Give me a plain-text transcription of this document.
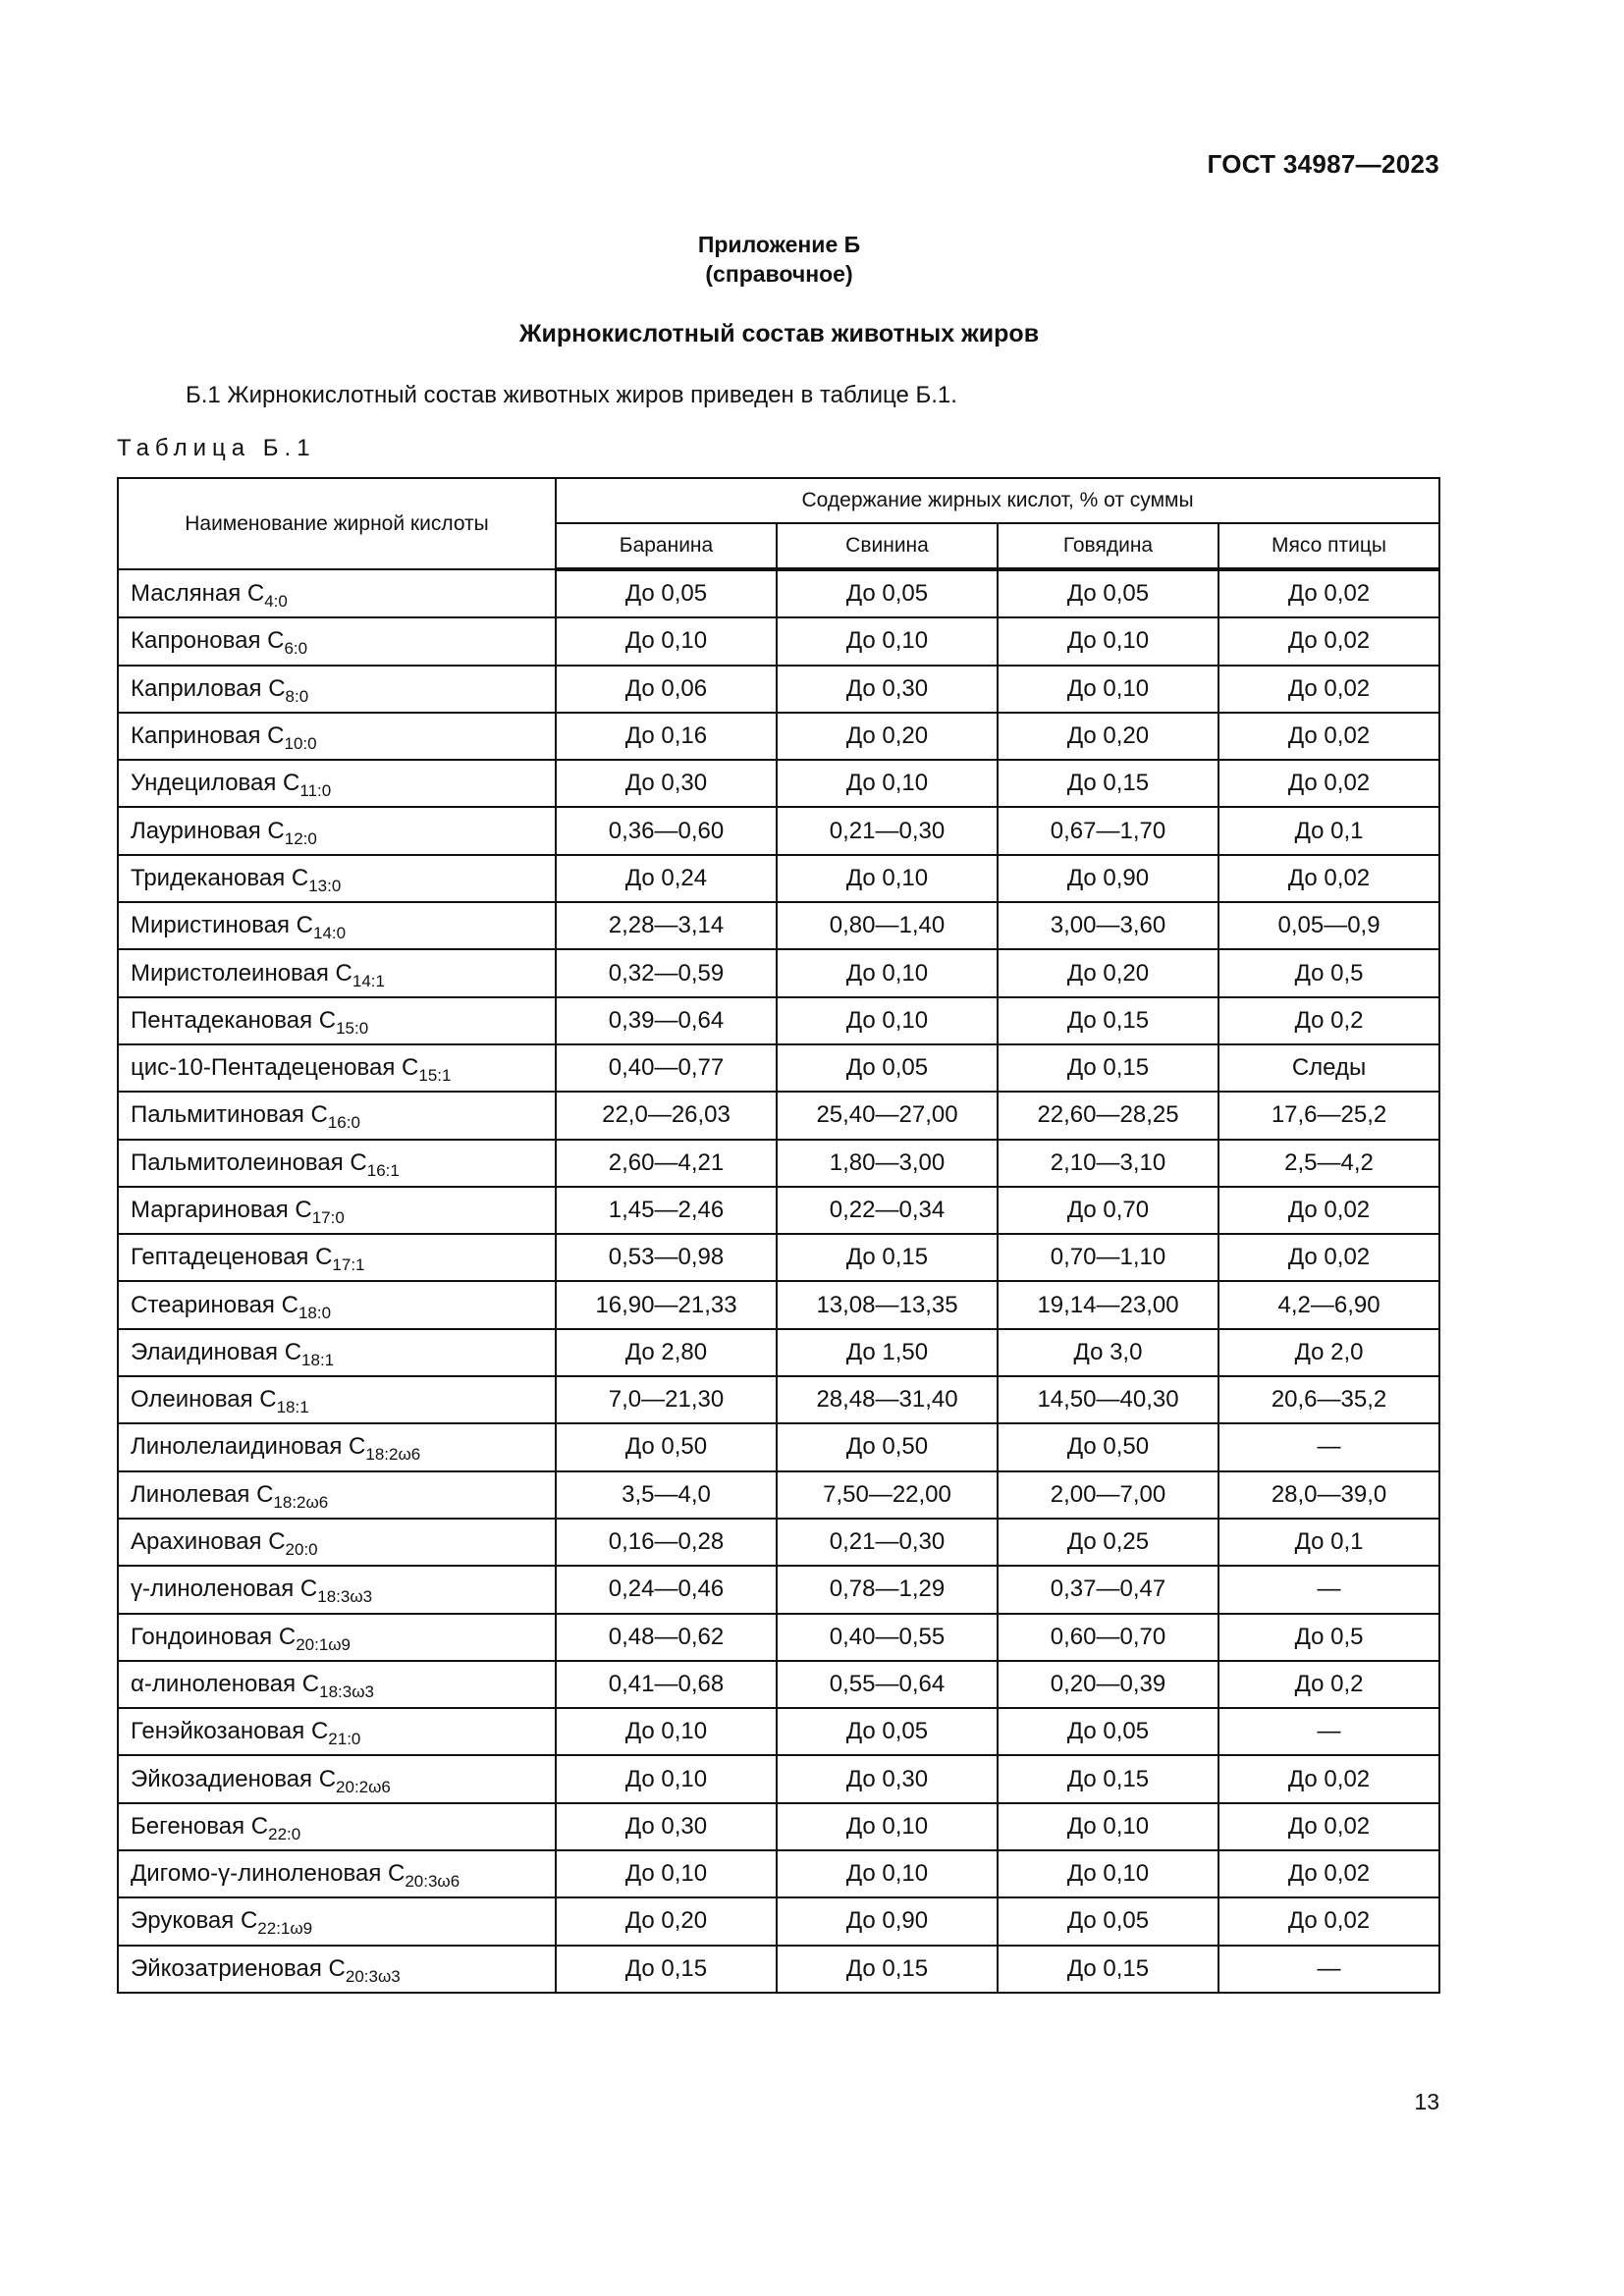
ГОСТ 34987—2023
Приложение Б
(справочное)
Жирнокислотный состав животных жиров
Б.1 Жирнокислотный состав животных жиров приведен в таблице Б.1.
Таблица Б.1
Наименование жирной кислоты	Содержание жирных кислот, % от суммы			
	Баранина	Свинина	Говядина	Мясо птицы
Масляная $C_{4:0}$	До 0,05	До 0,05	До 0,05	До 0,02
Капроновая $C_{6:0}$	До 0,10	До 0,10	До 0,10	До 0,02
Каприловая $C_{8:0}$	До 0,06	До 0,30	До 0,10	До 0,02
Каприновая $C_{10:0}$	До 0,16	До 0,20	До 0,20	До 0,02
Ундециловая $C_{11:0}$	До 0,30	До 0,10	До 0,15	До 0,02
Лауриновая $C_{12:0}$	0,36—0,60	0,21—0,30	0,67—1,70	До 0,1
Тридекановая $C_{13:0}$	До 0,24	До 0,10	До 0,90	До 0,02
Миристиновая $C_{14:0}$	2,28—3,14	0,80—1,40	3,00—3,60	0,05—0,9
Миристолеиновая $C_{14:1}$	0,32—0,59	До 0,10	До 0,20	До 0,5
Пентадекановая $C_{15:0}$	0,39—0,64	До 0,10	До 0,15	До 0,2
цис-10-Пентадеценовая $C_{15:1}$	0,40—0,77	До 0,05	До 0,15	Следы
Пальмитиновая $C_{16:0}$	22,0—26,03	25,40—27,00	22,60—28,25	17,6—25,2
Пальмитолеиновая $C_{16:1}$	2,60—4,21	1,80—3,00	2,10—3,10	2,5—4,2
Маргариновая $C_{17:0}$	1,45—2,46	0,22—0,34	До 0,70	До 0,02
Гептадеценовая $C_{17:1}$	0,53—0,98	До 0,15	0,70—1,10	До 0,02
Стеариновая $C_{18:0}$	16,90—21,33	13,08—13,35	19,14—23,00	4,2—6,90
Элаидиновая $C_{18:1}$	До 2,80	До 1,50	До 3,0	До 2,0
Олеиновая $C_{18:1}$	7,0—21,30	28,48—31,40	14,50—40,30	20,6—35,2
Линолелаидиновая $C_{18:2\omega 6}$	До 0,50	До 0,50	До 0,50	—
Линолевая $C_{18:2\omega 6}$	3,5—4,0	7,50—22,00	2,00—7,00	28,0—39,0
Арахиновая $C_{20:0}$	0,16—0,28	0,21—0,30	До 0,25	До 0,1
γ-линоленовая $C_{18:3\omega 3}$	0,24—0,46	0,78—1,29	0,37—0,47	—
Гондоиновая $C_{20:1\omega 9}$	0,48—0,62	0,40—0,55	0,60—0,70	До 0,5
α-линоленовая $C_{18:3\omega 3}$	0,41—0,68	0,55—0,64	0,20—0,39	До 0,2
Генэйкозановая $C_{21:0}$	До 0,10	До 0,05	До 0,05	—
Эйкозадиеновая $C_{20:2\omega 6}$	До 0,10	До 0,30	До 0,15	До 0,02
Бегеновая $C_{22:0}$	До 0,30	До 0,10	До 0,10	До 0,02
Дигомо-γ-линоленовая $C_{20:3\omega 6}$	До 0,10	До 0,10	До 0,10	До 0,02
Эруковая $C_{22:1\omega 9}$	До 0,20	До 0,90	До 0,05	До 0,02
Эйкозатриеновая $C_{20:3\omega 3}$	До 0,15	До 0,15	До 0,15	—
13
